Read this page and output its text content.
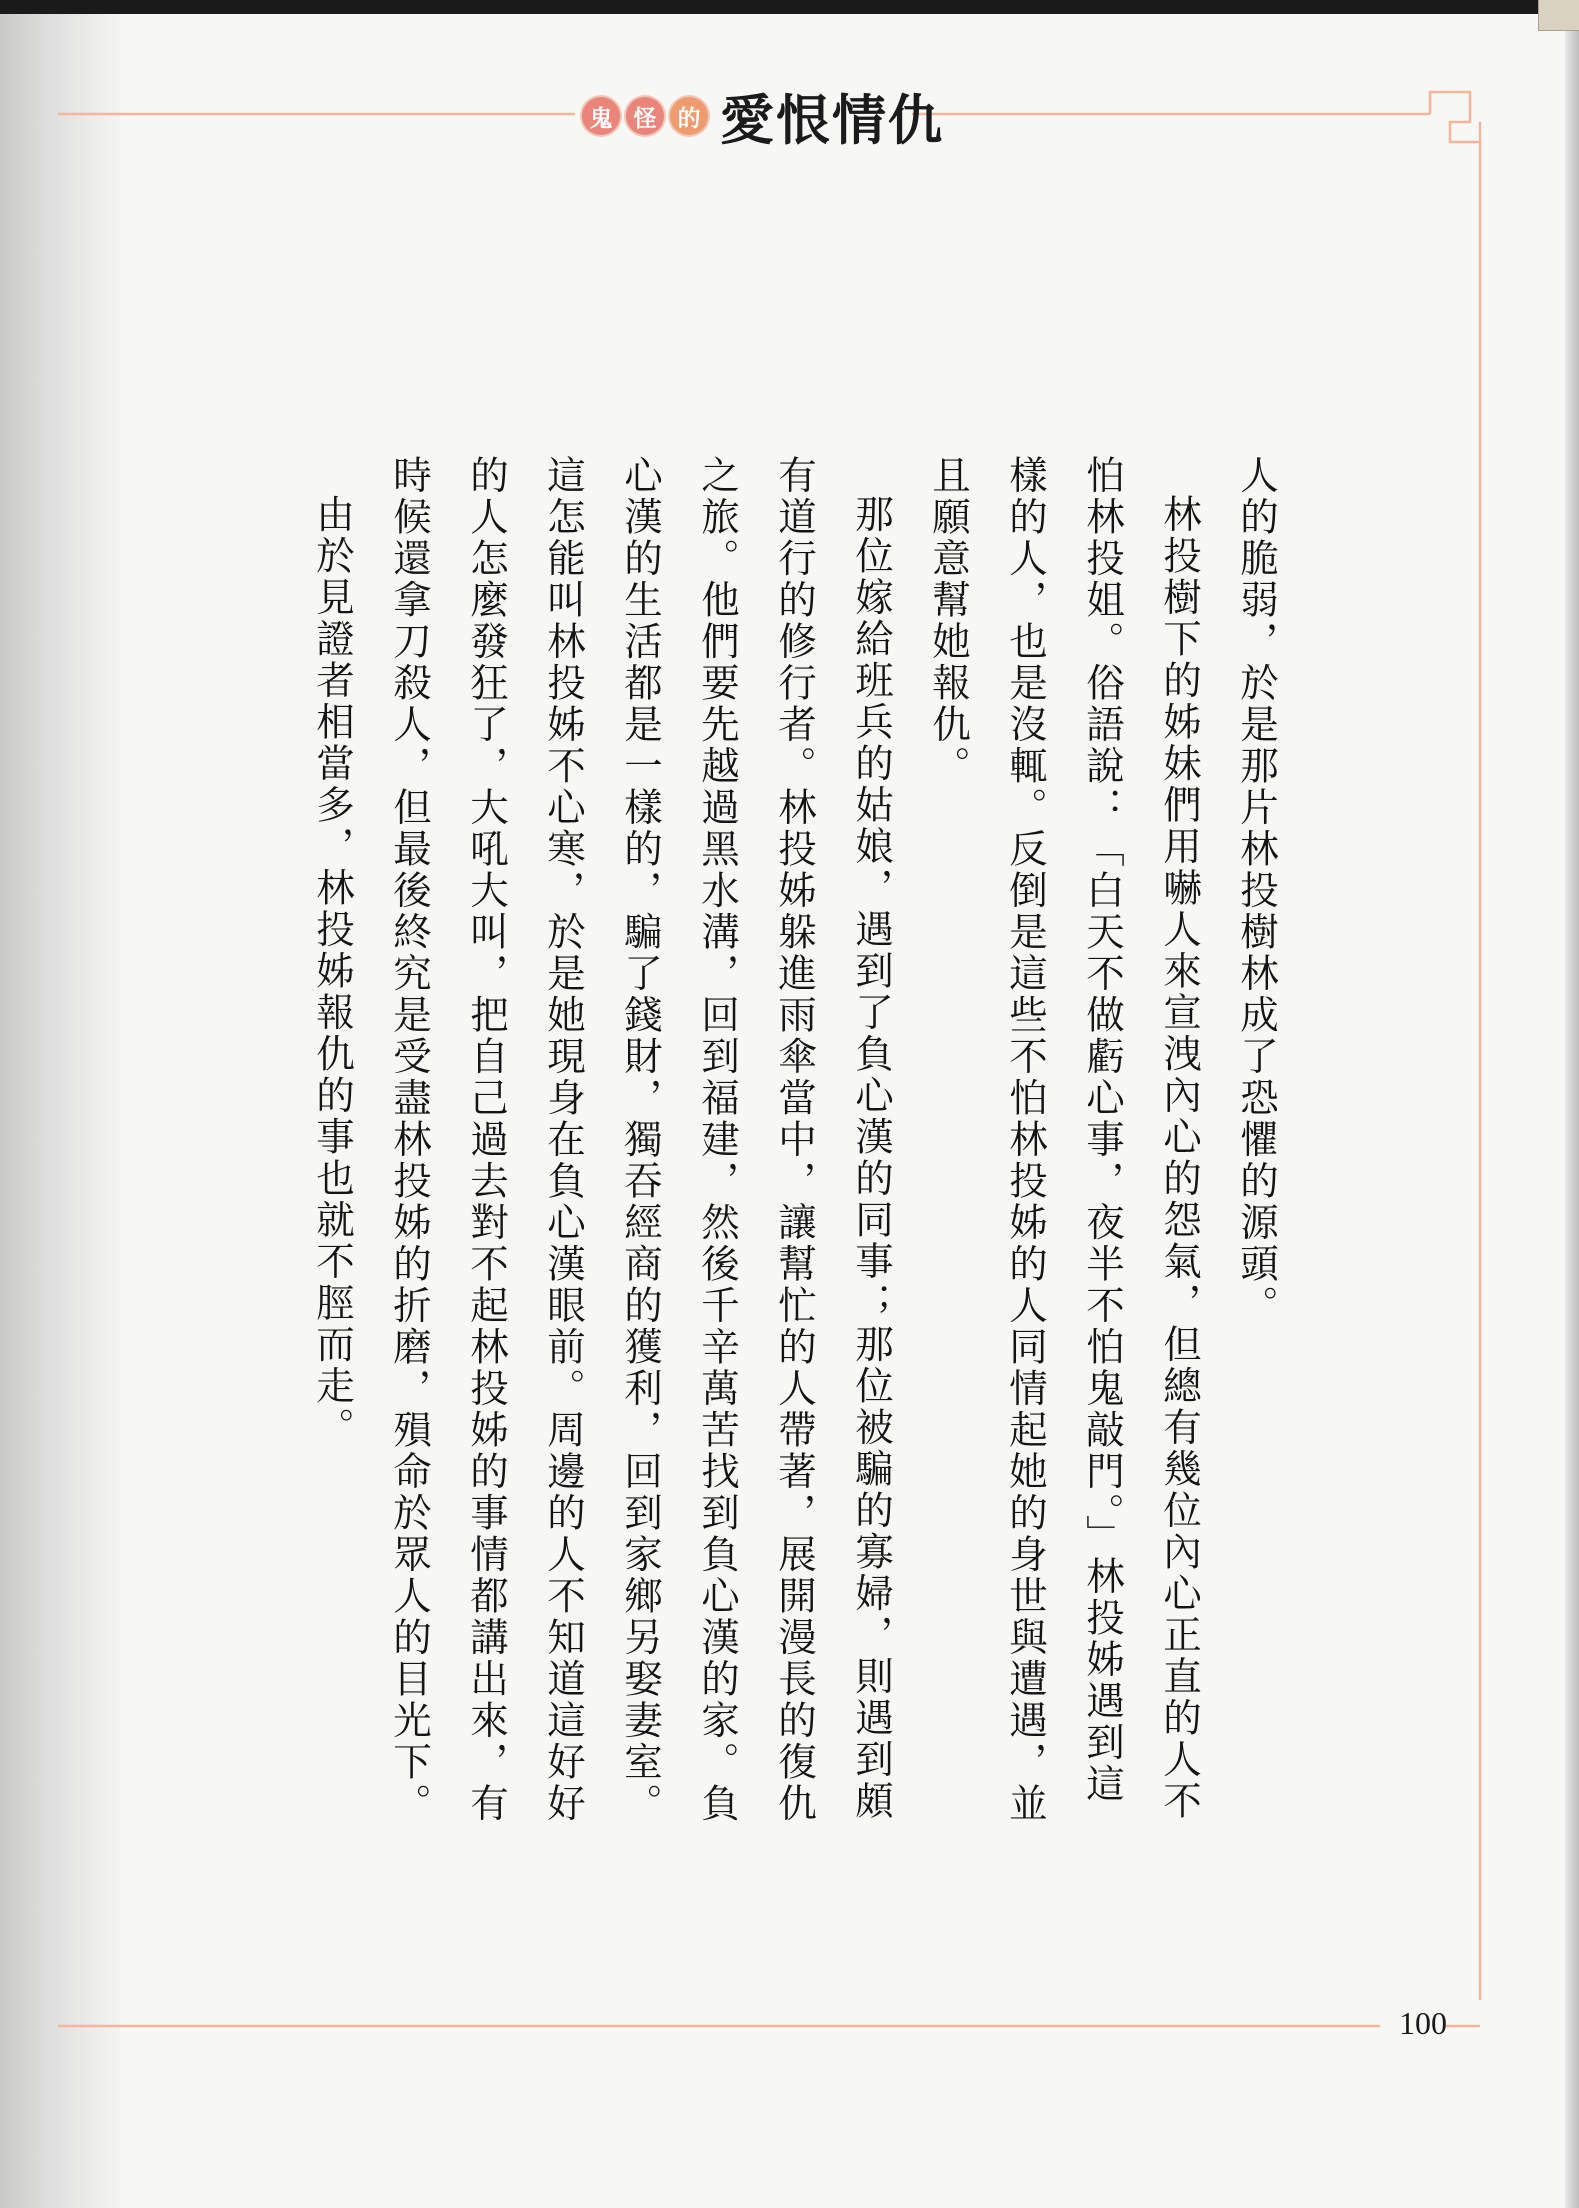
鬼 怪 的 愛恨情仇

人的脆弱，於是那片林投樹林成了恐懼的源頭。

林投樹下的姊妹們用嚇人來宣洩內心的怨氣，但總有幾位內心正直的人不怕林投姐。俗語說：「白天不做虧心事，夜半不怕鬼敲門。」林投姊遇到這樣的人，也是沒輒。反倒是這些不怕林投姊的人同情起她的身世與遭遇，並且願意幫她報仇。

那位嫁給班兵的姑娘，遇到了負心漢的同事；那位被騙的寡婦，則遇到頗有道行的修行者。林投姊躲進雨傘當中，讓幫忙的人帶著，展開漫長的復仇之旅。他們要先越過黑水溝，回到福建，然後千辛萬苦找到負心漢的家。負心漢的生活都是一樣的，騙了錢財，獨吞經商的獲利，回到家鄉另娶妻室。這怎能叫林投姊不心寒，於是她現身在負心漢眼前。周邊的人不知道這好好的人怎麼發狂了，大吼大叫，把自己過去對不起林投姊的事情都講出來，有時候還拿刀殺人，但最後終究是受盡林投姊的折磨，殞命於眾人的目光下。

由於見證者相當多，林投姊報仇的事也就不脛而走。

100
